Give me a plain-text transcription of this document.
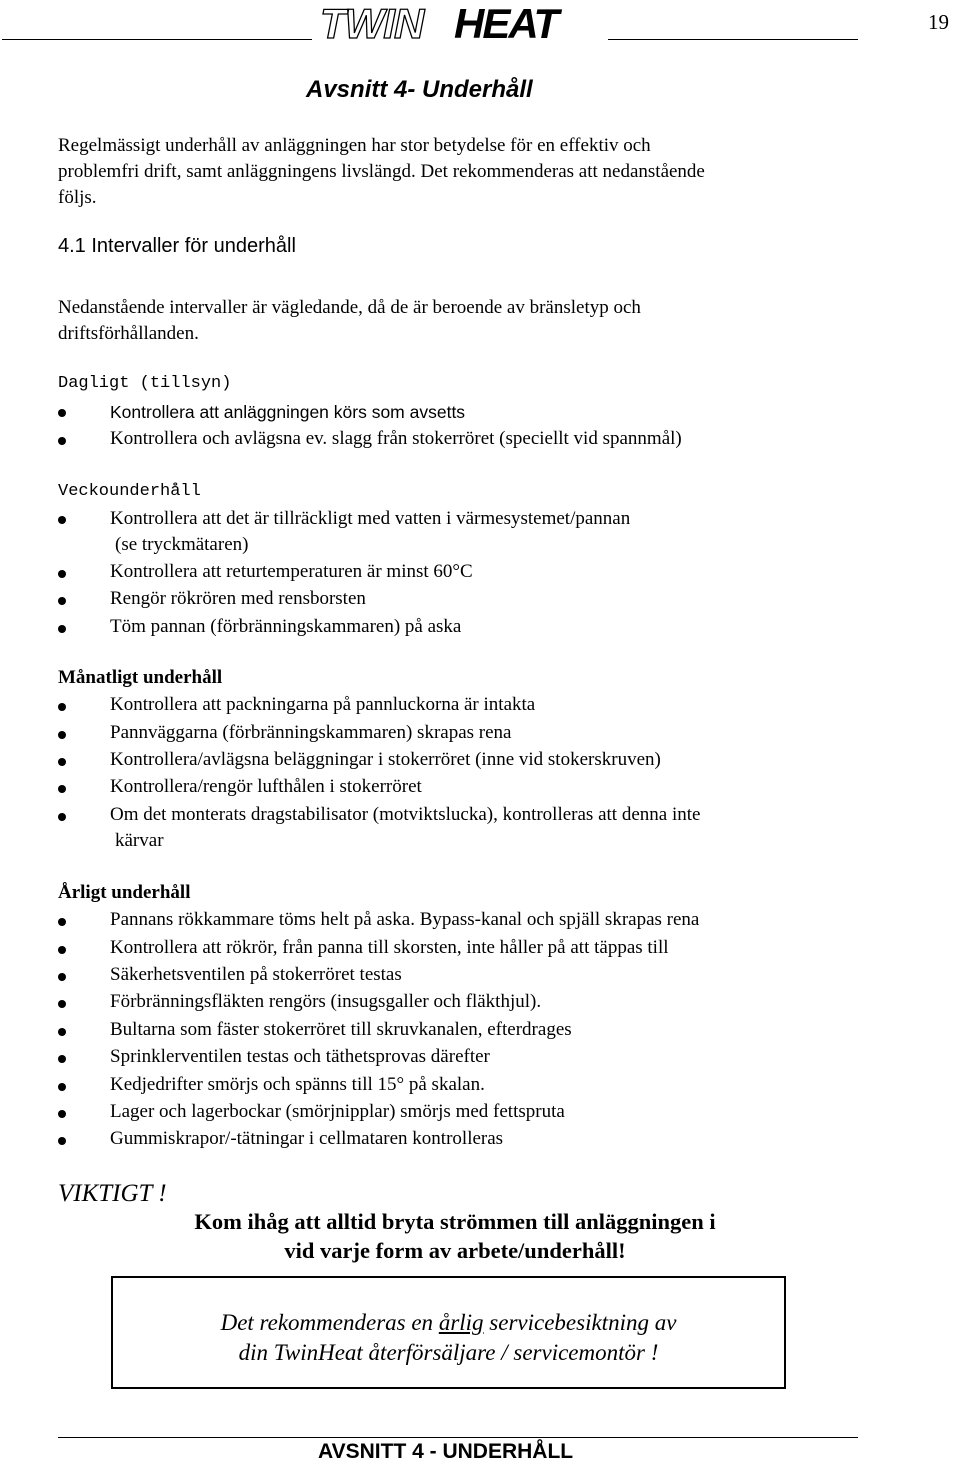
TWIN HEAT	19
Avsnitt 4- Underhåll
Regelmässigt underhåll av anläggningen har stor betydelse för en effektiv och
problemfri drift, samt anläggningens livslängd. Det rekommenderas att nedanstående
följs.
4.1 Intervaller för underhåll
Nedanstående intervaller är vägledande, då de är beroende av bränsletyp och
driftsförhållanden.
Dagligt (tillsyn)
Kontrollera att anläggningen körs som avsetts
Kontrollera och avlägsna ev. slagg från stokerröret (speciellt vid spannmål)
Veckounderhåll
Kontrollera att det är tillräckligt med vatten i värmesystemet/pannan
(se tryckmätaren)
Kontrollera att returtemperaturen är minst 60°C
Rengör rökrören med rensborsten
Töm pannan (förbränningskammaren) på aska
Månatligt underhåll
Kontrollera att packningarna på pannluckorna är intakta
Pannväggarna (förbränningskammaren) skrapas rena
Kontrollera/avlägsna beläggningar i stokerröret (inne vid stokerskruven)
Kontrollera/rengör lufthålen i stokerröret
Om det monterats dragstabilisator (motviktslucka), kontrolleras att denna inte
kärvar
Årligt underhåll
Pannans rökkammare töms helt på aska. Bypass-kanal och spjäll skrapas rena
Kontrollera att rökrör, från panna till skorsten, inte håller på att täppas till
Säkerhetsventilen på stokerröret testas
Förbränningsfläkten rengörs (insugsgaller och fläkthjul).
Bultarna som fäster stokerröret till skruvkanalen, efterdrages
Sprinklerventilen testas och täthetsprovas därefter
Kedjedrifter smörjs och spänns till 15° på skalan.
Lager och lagerbockar (smörjnipplar) smörjs med fettspruta
Gummiskrapor/-tätningar i cellmataren kontrolleras
VIKTIGT !
Kom ihåg att alltid bryta strömmen till anläggningen i
vid varje form av arbete/underhåll!
Det rekommenderas en årlig servicebesiktning av
din TwinHeat återförsäljare / servicemontör !
AVSNITT 4 - UNDERHÅLL
